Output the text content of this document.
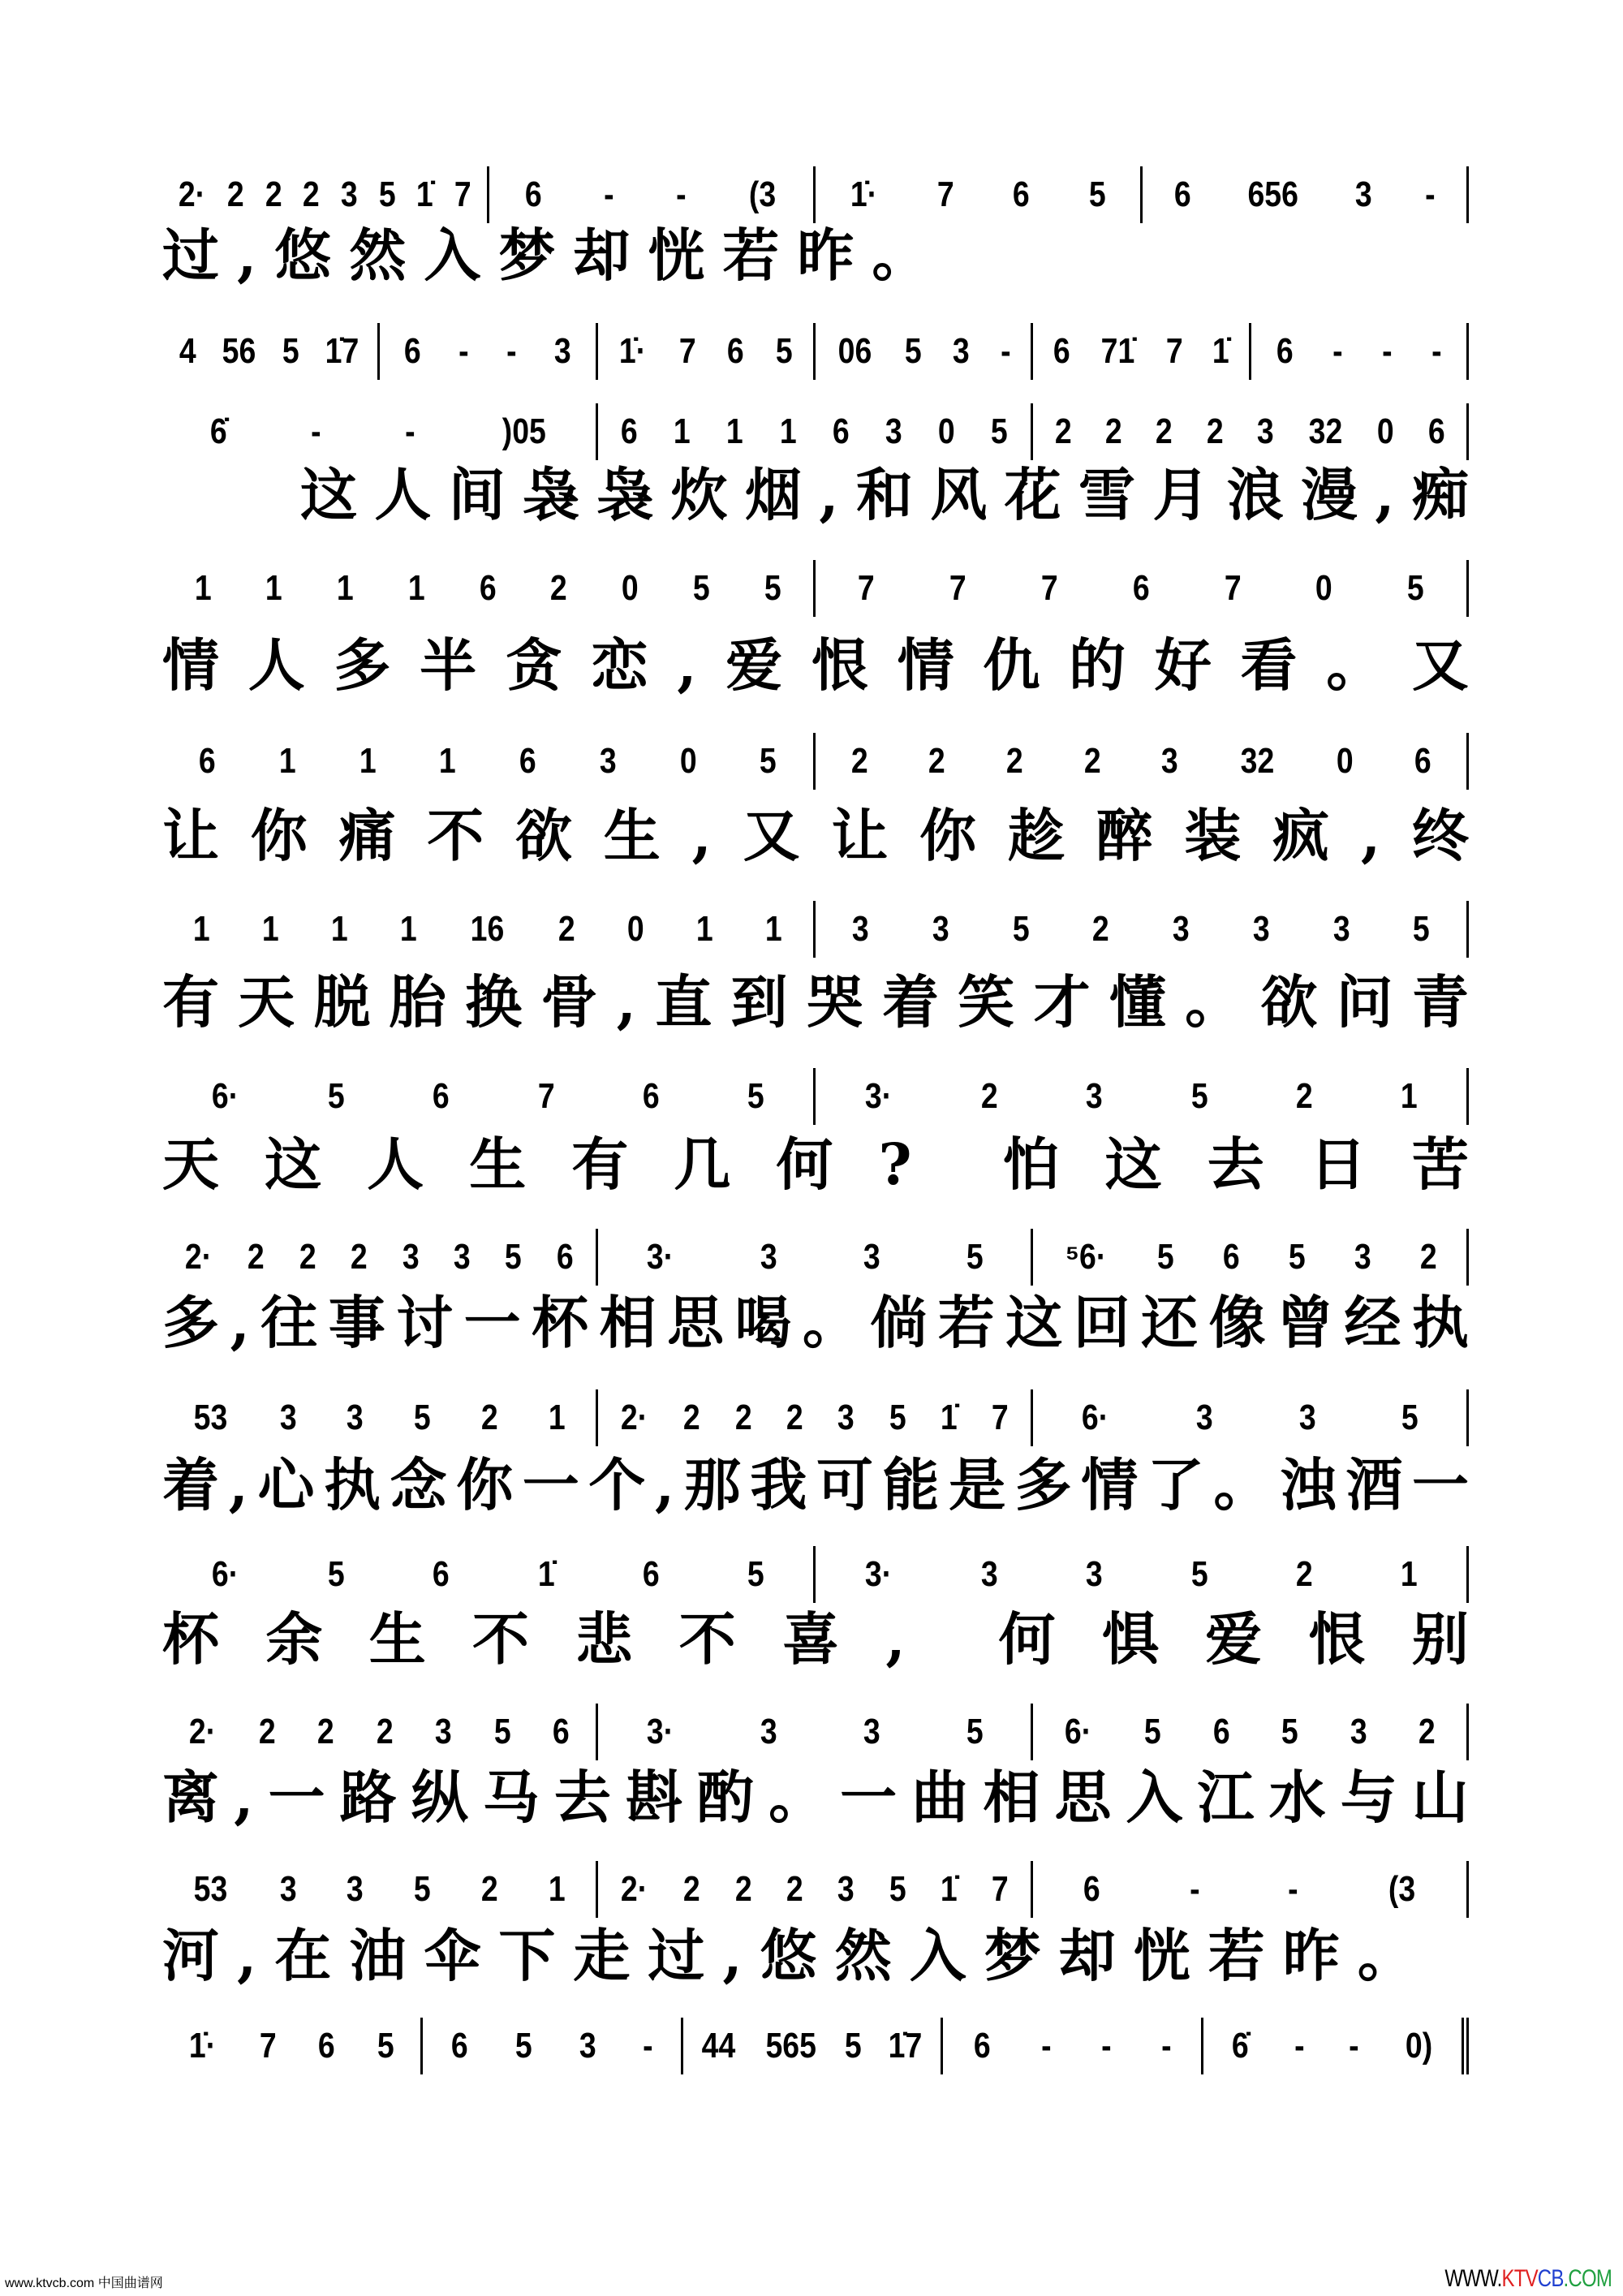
2· 2 2 2 3 5 1̇ 7 6 - - (3 1̇· 7 6 5 6 656 3 -
过 , 悠 然 入 梦 却 恍 若 昨 。
4 56 5 1̇7 6 - - 3 1̇· 7 6 5 06 5 3 - 6 71̇ 7 1̇ 6 - - -
6̇ - - )05 6 1 1 1 6 3 0 5 2 2 2 2 3 32 0 6
这 人 间 袅 袅 炊 烟 , 和 风 花 雪 月 浪 漫 , 痴
1 1 1 1 6 2 0 5 5 7 7 7 6 7 0 5
情 人 多 半 贪 恋 , 爱 恨 情 仇 的 好 看 。 又
6 1 1 1 6 3 0 5 2 2 2 2 3 32 0 6
让 你 痛 不 欲 生 , 又 让 你 趁 醉 装 疯 , 终
1 1 1 1 16 2 0 1 1 3 3 5 2 3 3 3 5
有 天 脱 胎 换 骨 , 直 到 哭 着 笑 才 懂 。 欲 问 青
6· 5 6 7 6 5	3· 2 3 5 2 1
天 这 人 生 有 几 何 ? 怕 这 去 日 苦
2· 2 2 2 3 3 5 6 3· 3 3 5 ⁵6· 5 6 5 3 2
多 , 往 事 讨 一 杯 相 思 喝 。 倘 若 这 回 还 像 曾 经 执
53 3 3 5 2 1 2· 2 2 2 3 5 1̇ 7 6· 3 3 5
着 , 心 执 念 你 一 个 , 那 我 可 能 是 多 情 了 。 浊 酒 一
6· 5 6 1̇ 6 5	3· 3 3 5 2 1
杯 余 生 不 悲 不 喜 , 何 惧 爱 恨 别
2· 2 2 2 3 5 6 3· 3 3 5 6· 5 6 5 3 2
离 , 一 路 纵 马 去 斟 酌 。 一 曲 相 思 入 江 水 与 山
53 3 3 5 2 1 2· 2 2 2 3 5 1̇ 7 6	- -	(3
河 , 在 油 伞 下 走 过 , 悠 然 入 梦 却 恍 若 昨 。
1̇· 7 6 5 6 5 3 - 44 565 5 1̇7 6 - - - 6̇ - - 0)
www.ktvcb.com 中国曲谱网	WWW.KTVCB.COM
